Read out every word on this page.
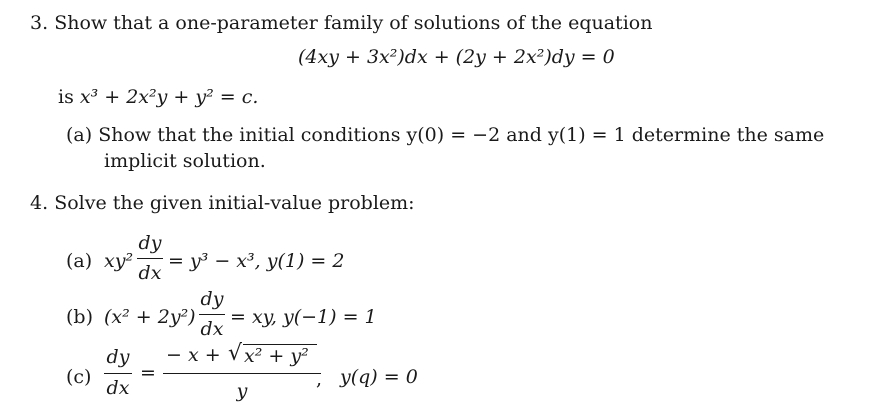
3. Show that a one-parameter family of solutions of the equation
(4xy + 3x²)dx + (2y + 2x²)dy = 0
is x³ + 2x²y + y² = c.
(a) Show that the initial conditions y(0) = −2 and y(1) = 1 determine the same
implicit solution.
4. Solve the given initial-value problem:
(a) xy²
dy
dx
= y³ − x³, y(1) = 2
(b) (x² + 2y²)
dy
dx
= xy, y(−1) = 1
(c)
dy
dx
=
− x + √ x² + y²
y
, y(q) = 0
